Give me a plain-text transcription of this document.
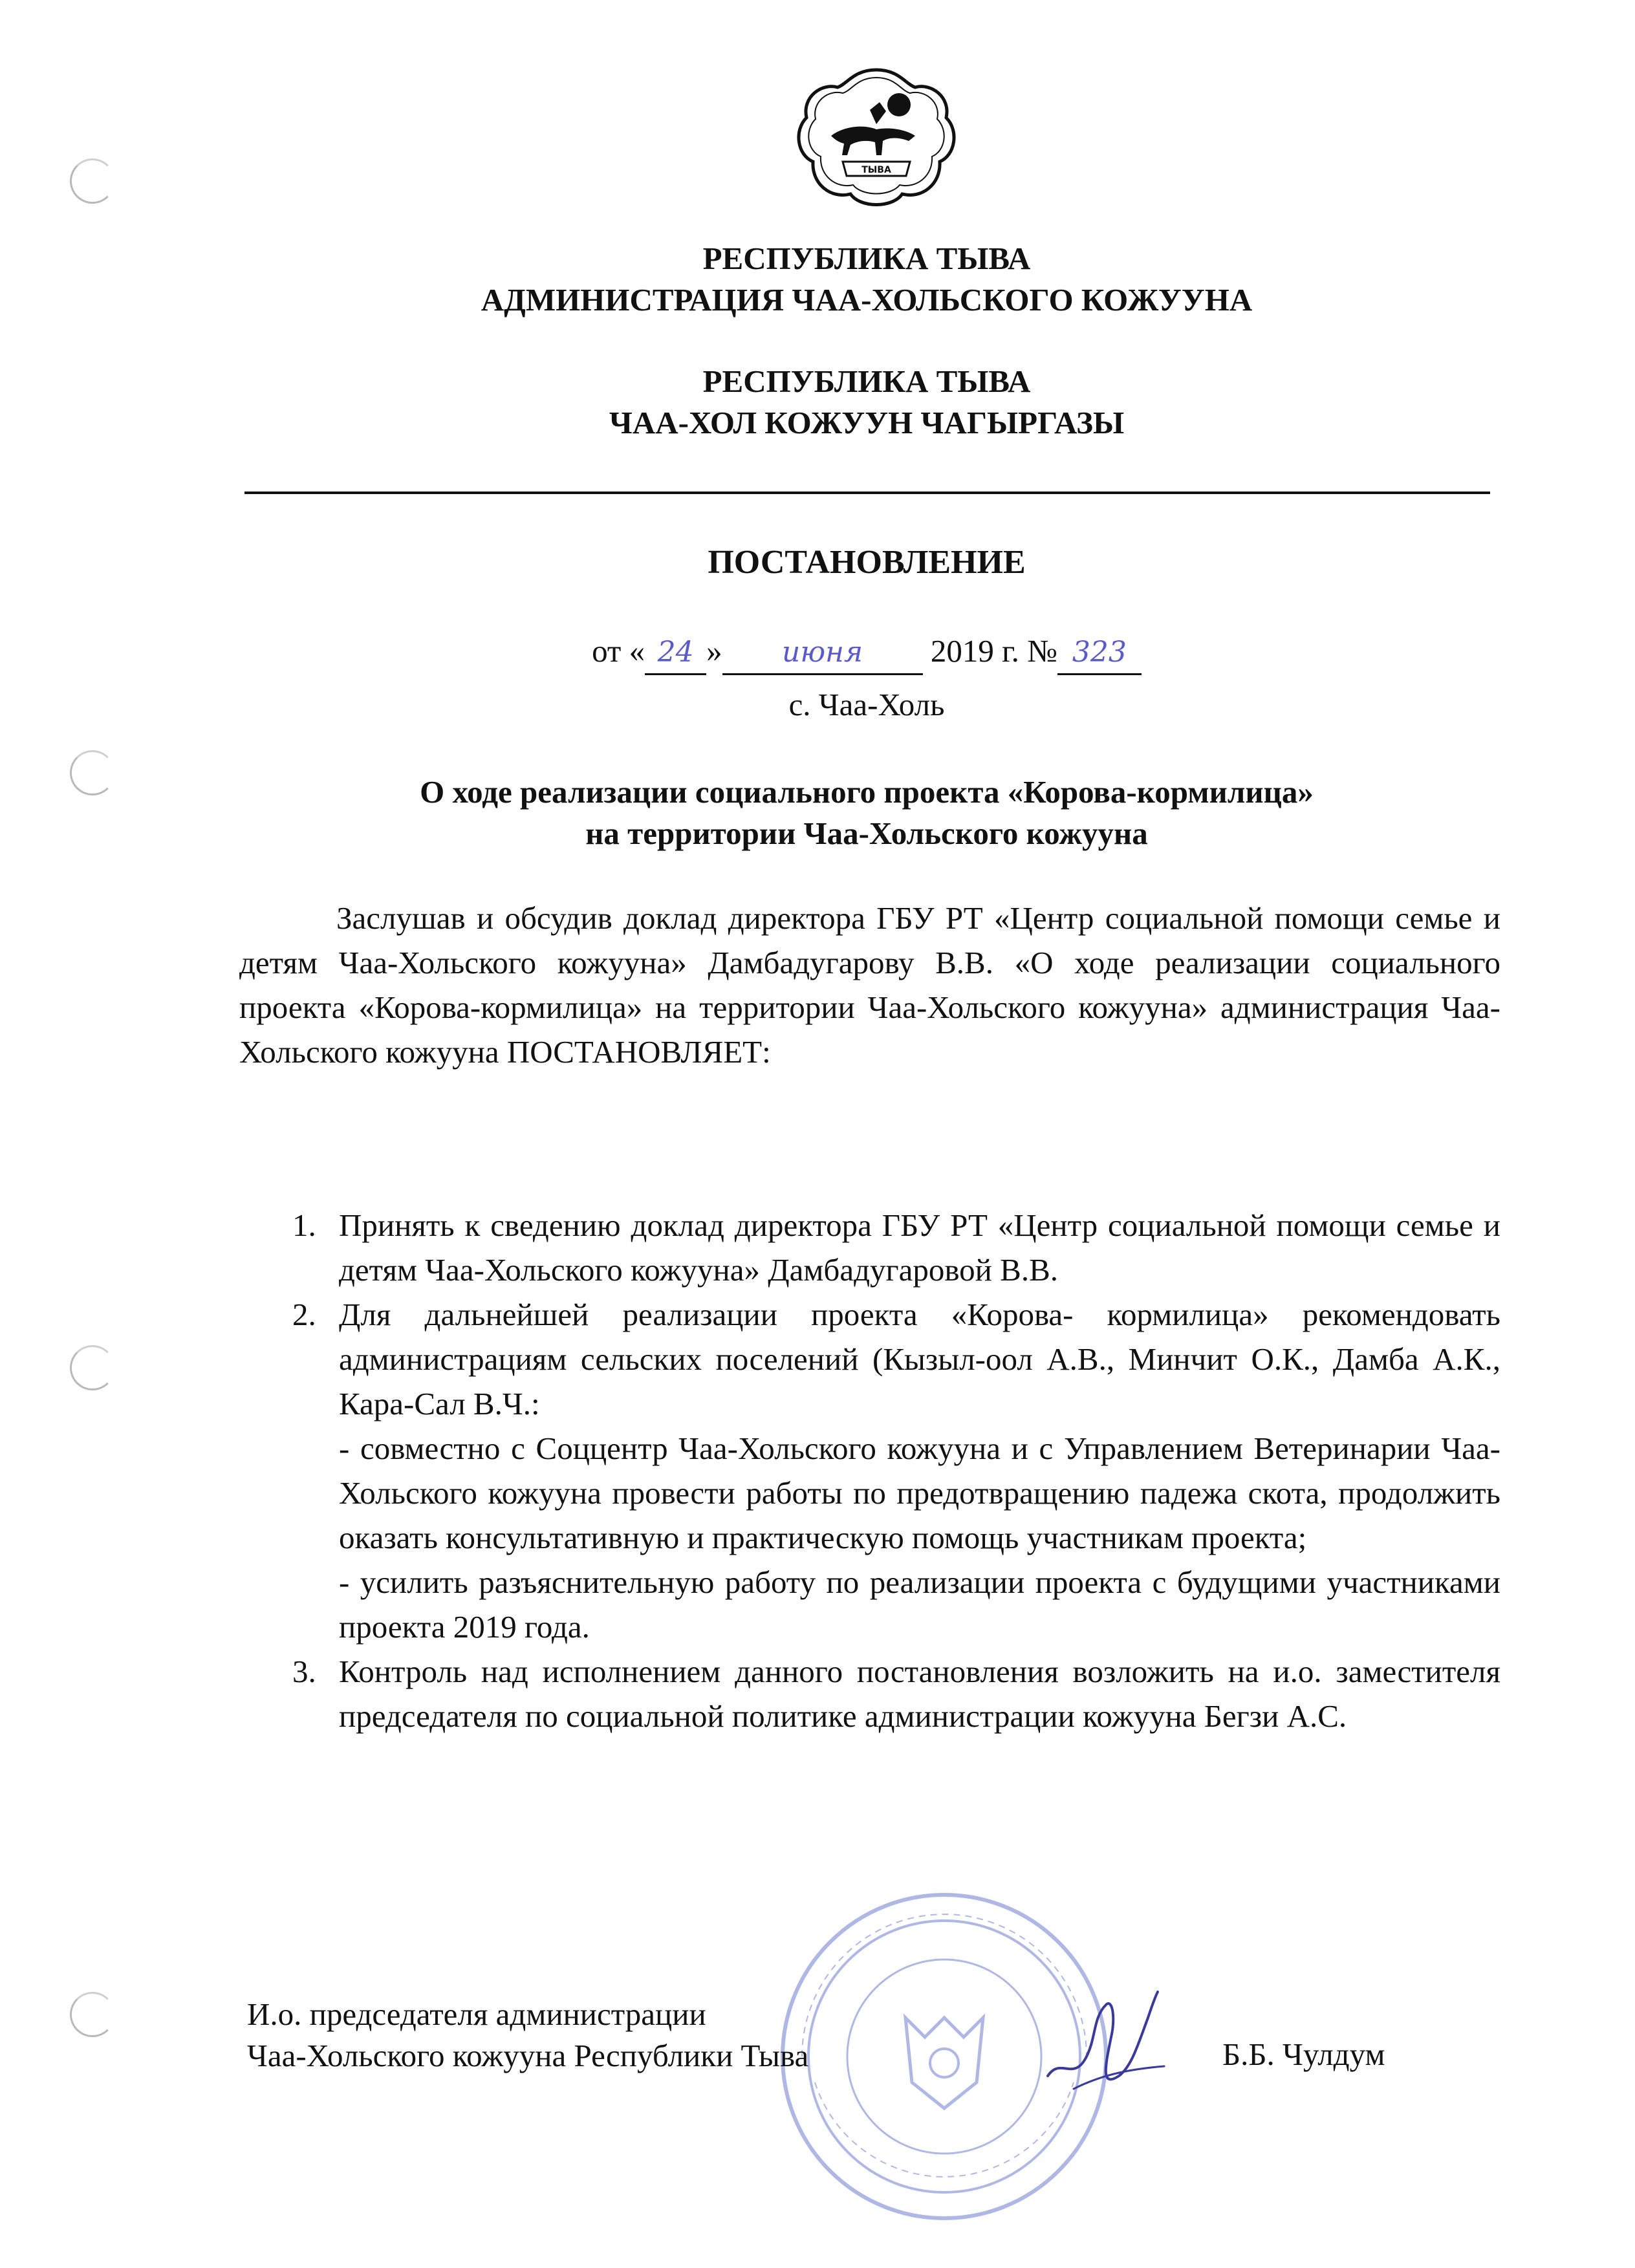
ТЫВА
РЕСПУБЛИКА ТЫВА
АДМИНИСТРАЦИЯ ЧАА-ХОЛЬСКОГО КОЖУУНА
РЕСПУБЛИКА ТЫВА
ЧАА-ХОЛ КОЖУУН ЧАГЫРГАЗЫ
ПОСТАНОВЛЕНИЕ
от « 24 » июня 2019 г. № 323
с. Чаа-Холь
О ходе реализации социального проекта «Корова-кормилица»
на территории Чаа-Хольского кожууна
Заслушав и обсудив доклад директора ГБУ РТ «Центр социальной помощи семье и детям Чаа-Хольского кожууна» Дамбадугарову В.В. «О ходе реализации социального проекта «Корова-кормилица» на территории Чаа-Хольского кожууна» администрация Чаа-Хольского кожууна ПОСТАНОВЛЯЕТ:
1. Принять к сведению доклад директора ГБУ РТ «Центр социальной помощи семье и детям Чаа-Хольского кожууна» Дамбадугаровой В.В.
2. Для дальнейшей реализации проекта «Корова- кормилица» рекомендовать администрациям сельских поселений (Кызыл-оол А.В., Минчит О.К., Дамба А.К., Кара-Сал В.Ч.:
- совместно с Соццентр Чаа-Хольского кожууна и с Управлением Ветеринарии Чаа-Хольского кожууна провести работы по предотвращению падежа скота, продолжить оказать консультативную и практическую помощь участникам проекта;
- усилить разъяснительную работу по реализации проекта с будущими участниками проекта 2019 года.
3. Контроль над исполнением данного постановления возложить на и.о. заместителя председателя по социальной политике администрации кожууна Бегзи А.С.
И.о. председателя администрации
Чаа-Хольского кожууна Республики Тыва	Б.Б. Чулдум
